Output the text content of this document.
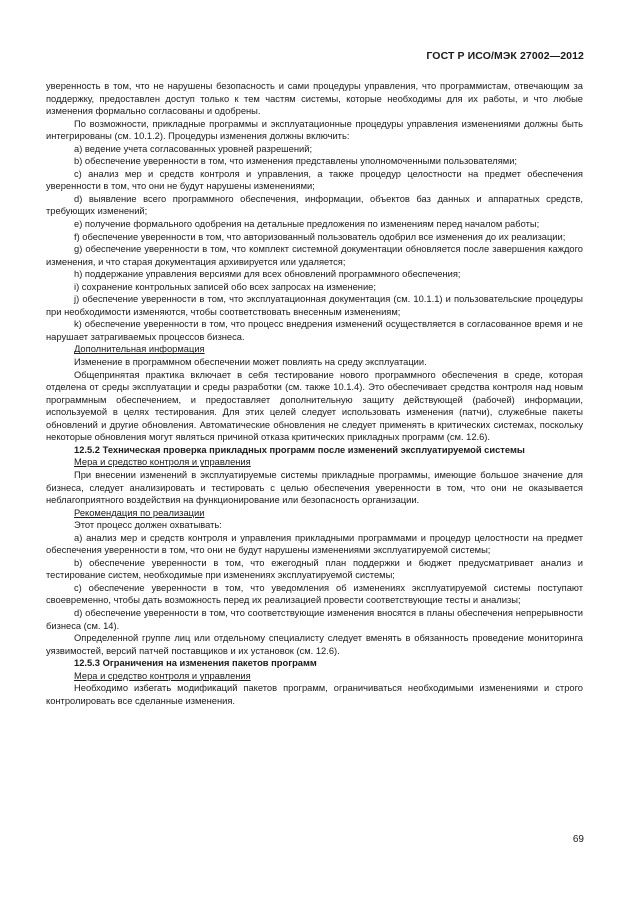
ГОСТ Р ИСО/МЭК 27002—2012

уверенность в том, что не нарушены безопасность и сами процедуры управления, что программистам, отвечающим за поддержку, предоставлен доступ только к тем частям системы, которые необходимы для их работы, и что любые изменения формально согласованы и одобрены.

По возможности, прикладные программы и эксплуатационные процедуры управления изменениями должны быть интегрированы (см. 10.1.2). Процедуры изменения должны включить:

a) ведение учета согласованных уровней разрешений;

b) обеспечение уверенности в том, что изменения представлены уполномоченными пользователями;

c) анализ мер и средств контроля и управления, а также процедур целостности на предмет обеспечения уверенности в том, что они не будут нарушены изменениями;

d) выявление всего программного обеспечения, информации, объектов баз данных и аппаратных средств, требующих изменений;

e) получение формального одобрения на детальные предложения по изменениям перед началом работы;

f) обеспечение уверенности в том, что авторизованный пользователь одобрил все изменения до их реализации;

g) обеспечение уверенности в том, что комплект системной документации обновляется после завершения каждого изменения, и что старая документация архивируется или удаляется;

h) поддержание управления версиями для всех обновлений программного обеспечения;

i) сохранение контрольных записей обо всех запросах на изменение;

j) обеспечение уверенности в том, что эксплуатационная документация (см. 10.1.1) и пользовательские процедуры при необходимости изменяются, чтобы соответствовать внесенным изменениям;

k) обеспечение уверенности в том, что процесс внедрения изменений осуществляется в согласованное время и не нарушает затрагиваемых процессов бизнеса.

Дополнительная информация

Изменение в программном обеспечении может повлиять на среду эксплуатации.

Общепринятая практика включает в себя тестирование нового программного обеспечения в среде, которая отделена от среды эксплуатации и среды разработки (см. также 10.1.4). Это обеспечивает средства контроля над новым программным обеспечением, и предоставляет дополнительную защиту действующей (рабочей) информации, используемой в целях тестирования. Для этих целей следует использовать изменения (патчи), служебные пакеты обновлений и другие обновления. Автоматические обновления не следует применять в критических системах, поскольку некоторые обновления могут являться причиной отказа критических прикладных программ (см. 12.6).

12.5.2 Техническая проверка прикладных программ после изменений эксплуатируемой системы

Мера и средство контроля и управления

При внесении изменений в эксплуатируемые системы прикладные программы, имеющие большое значение для бизнеса, следует анализировать и тестировать с целью обеспечения уверенности в том, что они не оказывается неблагоприятного воздействия на функционирование или безопасность организации.

Рекомендация по реализации

Этот процесс должен охватывать:

a) анализ мер и средств контроля и управления прикладными программами и процедур целостности на предмет обеспечения уверенности в том, что они не будут нарушены изменениями эксплуатируемой системы;

b) обеспечение уверенности в том, что ежегодный план поддержки и бюджет предусматривает анализ и тестирование систем, необходимые при изменениях эксплуатируемой системы;

c) обеспечение уверенности в том, что уведомления об изменениях эксплуатируемой системы поступают своевременно, чтобы дать возможность перед их реализацией провести соответствующие тесты и анализы;

d) обеспечение уверенности в том, что соответствующие изменения вносятся в планы обеспечения непрерывности бизнеса (см. 14).

Определенной группе лиц или отдельному специалисту следует вменять в обязанность проведение мониторинга уязвимостей, версий патчей поставщиков и их установок (см. 12.6).

12.5.3 Ограничения на изменения пакетов программ

Мера и средство контроля и управления

Необходимо избегать модификаций пакетов программ, ограничиваться необходимыми изменениями и строго контролировать все сделанные изменения.

69
